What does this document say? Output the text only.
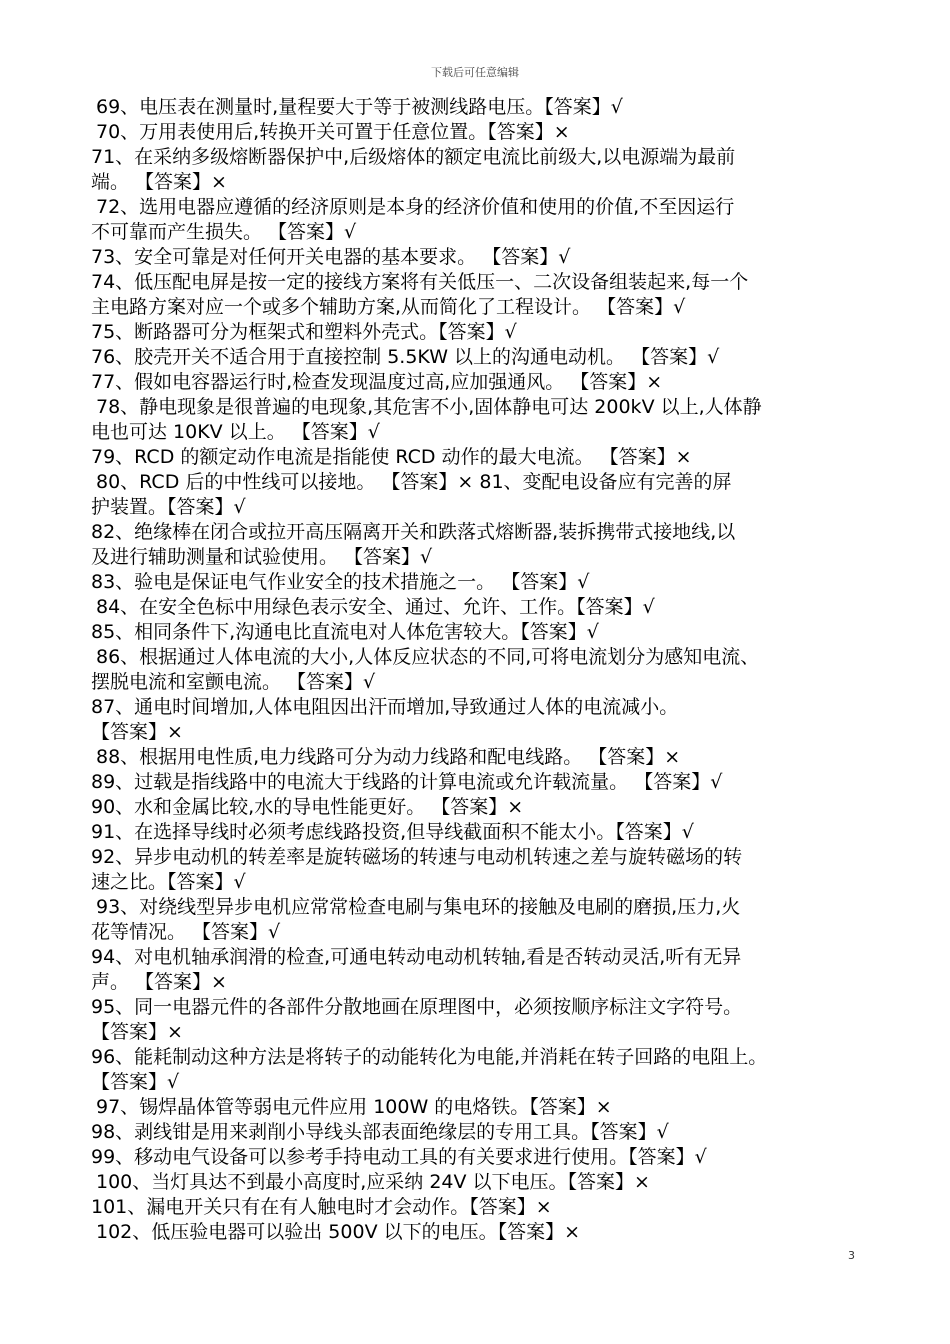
下载后可任意编辑
69、电压表在测量时,量程要大于等于被测线路电压。【答案】√
70、万用表使用后,转换开关可置于任意位置。【答案】×
71、在采纳多级熔断器保护中,后级熔体的额定电流比前级大,以电源端为最前
端。 【答案】×
72、选用电器应遵循的经济原则是本身的经济价值和使用的价值,不至因运行
不可靠而产生损失。 【答案】√
73、安全可靠是对任何开关电器的基本要求。 【答案】√
74、低压配电屏是按一定的接线方案将有关低压一、二次设备组装起来,每一个
主电路方案对应一个或多个辅助方案,从而简化了工程设计。 【答案】√
75、断路器可分为框架式和塑料外壳式。【答案】√
76、胶壳开关不适合用于直接控制 5.5KW 以上的沟通电动机。 【答案】√
77、假如电容器运行时,检查发现温度过高,应加强通风。 【答案】×
78、静电现象是很普遍的电现象,其危害不小,固体静电可达 200kV 以上,人体静
电也可达 10KV 以上。 【答案】√
79、RCD 的额定动作电流是指能使 RCD 动作的最大电流。 【答案】×
80、RCD 后的中性线可以接地。 【答案】× 81、变配电设备应有完善的屏
护装置。【答案】√
82、绝缘棒在闭合或拉开高压隔离开关和跌落式熔断器,装拆携带式接地线,以
及进行辅助测量和试验使用。 【答案】√
83、验电是保证电气作业安全的技术措施之一。 【答案】√
84、在安全色标中用绿色表示安全、通过、允许、工作。【答案】√
85、相同条件下,沟通电比直流电对人体危害较大。【答案】√
86、根据通过人体电流的大小,人体反应状态的不同,可将电流划分为感知电流、
摆脱电流和室颤电流。 【答案】√
87、通电时间增加,人体电阻因出汗而增加,导致通过人体的电流减小。
【答案】×
88、根据用电性质,电力线路可分为动力线路和配电线路。 【答案】×
89、过载是指线路中的电流大于线路的计算电流或允许载流量。 【答案】√
90、水和金属比较,水的导电性能更好。 【答案】×
91、在选择导线时必须考虑线路投资,但导线截面积不能太小。【答案】√
92、异步电动机的转差率是旋转磁场的转速与电动机转速之差与旋转磁场的转
速之比。【答案】√
93、对绕线型异步电机应常常检查电刷与集电环的接触及电刷的磨损,压力,火
花等情况。 【答案】√
94、对电机轴承润滑的检查,可通电转动电动机转轴,看是否转动灵活,听有无异
声。 【答案】×
95、同一电器元件的各部件分散地画在原理图中，必须按顺序标注文字符号。
【答案】×
96、能耗制动这种方法是将转子的动能转化为电能,并消耗在转子回路的电阻上。
【答案】√
97、锡焊晶体管等弱电元件应用 100W 的电烙铁。【答案】×
98、剥线钳是用来剥削小导线头部表面绝缘层的专用工具。【答案】√
99、移动电气设备可以参考手持电动工具的有关要求进行使用。【答案】√
100、当灯具达不到最小高度时,应采纳 24V 以下电压。【答案】×
101、漏电开关只有在有人触电时才会动作。【答案】×
102、低压验电器可以验出 500V 以下的电压。【答案】×
3
